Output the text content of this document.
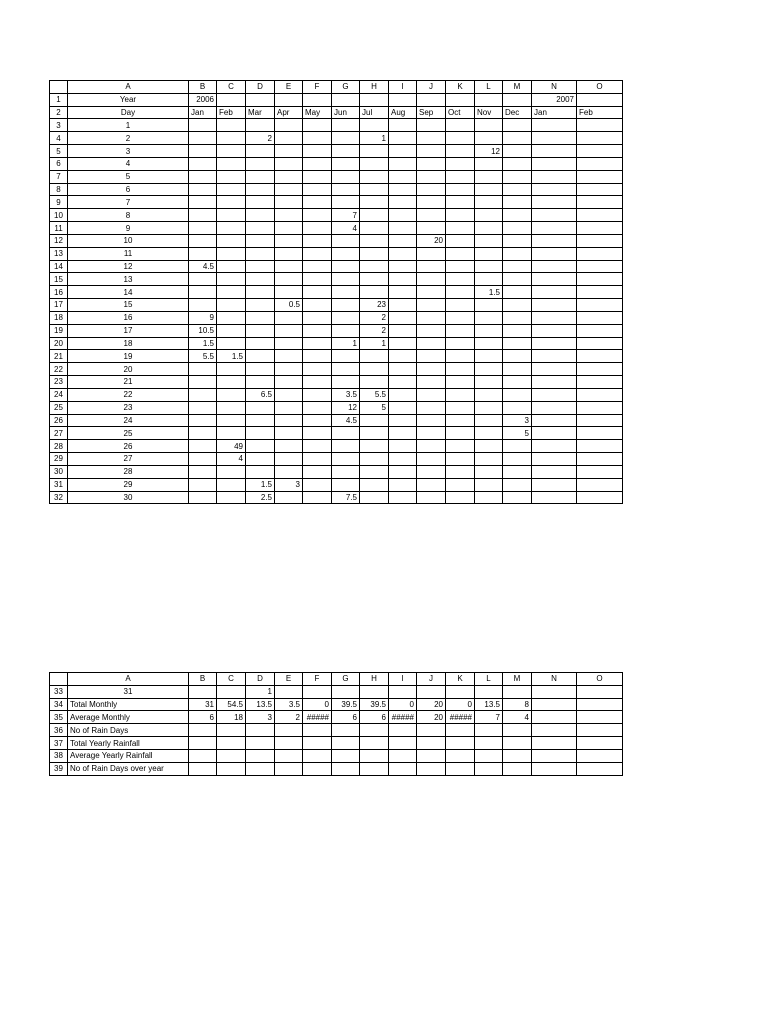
	A	B	C	D	E	F	G	H	I	J	K	L	M	N	O
1	Year	2006												2007	
2	Day	Jan	Feb	Mar	Apr	May	Jun	Jul	Aug	Sep	Oct	Nov	Dec	Jan	Feb
3	1														
4	2			2				1							
5	3											12			
6	4														
7	5														
8	6														
9	7														
10	8						7								
11	9						4								
12	10									20					
13	11														
14	12	4.5													
15	13														
16	14											1.5			
17	15				0.5			23							
18	16	9						2							
19	17	10.5						2							
20	18	1.5					1	1							
21	19	5.5	1.5												
22	20														
23	21														
24	22			6.5			3.5	5.5							
25	23						12	5							
26	24						4.5						3		
27	25												5		
28	26		49												
29	27		4												
30	28														
31	29			1.5	3										
32	30			2.5			7.5								
	A	B	C	D	E	F	G	H	I	J	K	L	M	N	O
33	31			1											
34	Total Monthly	31	54.5	13.5	3.5	0	39.5	39.5	0	20	0	13.5	8		
35	Average Monthly	6	18	3	2	#####	6	6	#####	20	#####	7	4		
36	No of Rain Days														
37	Total Yearly Rainfall														
38	Average Yearly Rainfall														
39	No of Rain Days over year														
